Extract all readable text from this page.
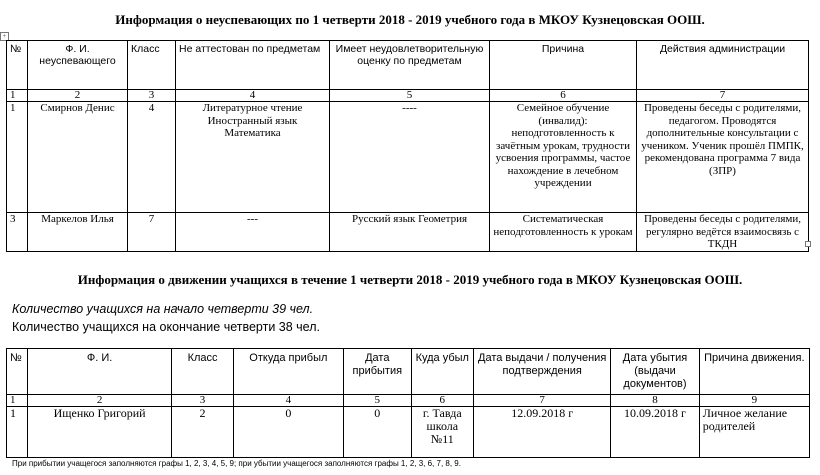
Информация о неуспевающих по 1 четверти 2018 - 2019 учебного года в МКОУ Кузнецовская ООШ.
+
№	Ф. И. неуспевающего	Класс	Не аттестован по предметам	Имеет неудовлетворительную оценку по предметам	Причина	Действия администрации
1	2	3	4	5	6	7
1	Смирнов Денис	4	Литературное чтение Иностранный язык Математика	----	Семейное обучение (инвалид): неподготовленность к зачётным урокам, трудности усвоения программы, частое нахождение в лечебном учреждении	Проведены беседы с родителями, педагогом. Проводятся дополнительные консультации с учеником. Ученик прошёл ПМПК, рекомендована программа 7 вида (ЗПР)
3	Маркелов Илья	7	---	Русский язык Геометрия	Систематическая неподготовленность к урокам	Проведены беседы с родителями, регулярно ведётся взаимосвязь с ТКДН
Информация о движении учащихся в течение 1 четверти 2018 - 2019 учебного года в МКОУ Кузнецовская ООШ.
Количество учащихся на начало четверти 39 чел.
Количество учащихся на окончание четверти 38 чел.
№	Ф. И.	Класс	Откуда прибыл	Дата прибытия	Куда убыл	Дата выдачи / получения подтверждения	Дата убытия (выдачи документов)	Причина движения.
1	2	3	4	5	6	7	8	9
1	Ищенко Григорий	2	0	0	г. Тавда школа №11	12.09.2018 г	10.09.2018 г	Личное желание родителей
При прибытии учащегося заполняются графы 1, 2, 3, 4, 5, 9; при убытии учащегося заполняются графы 1, 2, 3, 6, 7, 8, 9.
